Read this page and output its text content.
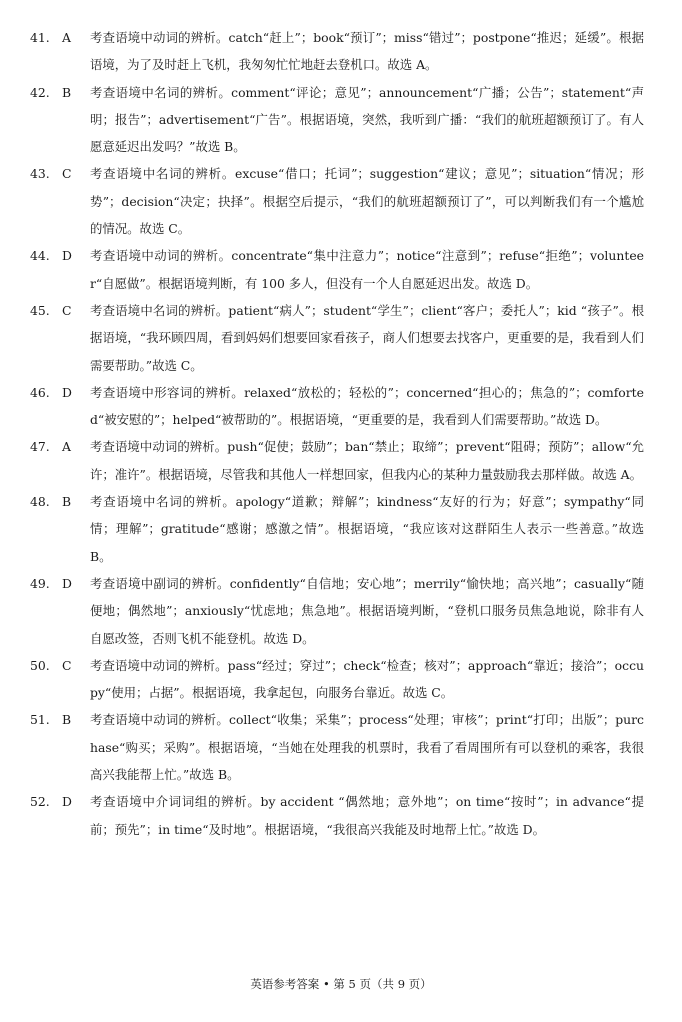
41. A	考查语境中动词的辨析。catch“赶上”；book“预订”；miss“错过”；postpone“推迟；延缓”。根据语境，为了及时赶上飞机，我匆匆忙忙地赶去登机口。故选 A。
42. B	考查语境中名词的辨析。comment“评论；意见”；announcement“广播；公告”；statement“声明；报告”；advertisement“广告”。根据语境，突然，我听到广播：“我们的航班超额预订了。有人愿意延迟出发吗？”故选 B。
43. C	考查语境中名词的辨析。excuse“借口；托词”；suggestion“建议；意见”；situation“情况；形势”；decision“决定；抉择”。根据空后提示，“我们的航班超额预订了”，可以判断我们有一个尴尬的情况。故选 C。
44. D	考查语境中动词的辨析。concentrate“集中注意力”；notice“注意到”；refuse“拒绝”；volunteer“自愿做”。根据语境判断，有 100 多人，但没有一个人自愿延迟出发。故选 D。
45. C	考查语境中名词的辨析。patient“病人”；student“学生”；client“客户；委托人”；kid “孩子”。根据语境，“我环顾四周，看到妈妈们想要回家看孩子，商人们想要去找客户，更重要的是，我看到人们需要帮助。”故选 C。
46. D	考查语境中形容词的辨析。relaxed“放松的；轻松的”；concerned“担心的；焦急的”；comforted“被安慰的”；helped“被帮助的”。根据语境，“更重要的是，我看到人们需要帮助。”故选 D。
47. A	考查语境中动词的辨析。push“促使；鼓励”；ban“禁止；取缔”；prevent“阻碍；预防”；allow“允许；准许”。根据语境，尽管我和其他人一样想回家，但我内心的某种力量鼓励我去那样做。故选 A。
48. B	考查语境中名词的辨析。apology“道歉；辩解”；kindness“友好的行为；好意”；sympathy“同情；理解”；gratitude“感谢；感激之情”。根据语境，“我应该对这群陌生人表示一些善意。”故选 B。
49. D	考查语境中副词的辨析。confidently“自信地；安心地”；merrily“愉快地；高兴地”；casually“随便地；偶然地”；anxiously“忧虑地；焦急地”。根据语境判断，“登机口服务员焦急地说，除非有人自愿改签，否则飞机不能登机。故选 D。
50. C	考查语境中动词的辨析。pass“经过；穿过”；check“检查；核对”；approach“靠近；接洽”；occupy“使用；占据”。根据语境，我拿起包，向服务台靠近。故选 C。
51. B	考查语境中动词的辨析。collect“收集；采集”；process“处理；审核”；print“打印；出版”；purchase“购买；采购”。根据语境，“当她在处理我的机票时，我看了看周围所有可以登机的乘客，我很高兴我能帮上忙。”故选 B。
52. D	考查语境中介词词组的辨析。by accident “偶然地；意外地”；on time“按时”；in advance“提前；预先”；in time“及时地”。根据语境，“我很高兴我能及时地帮上忙。”故选 D。
英语参考答案 • 第 5 页（共 9 页）
